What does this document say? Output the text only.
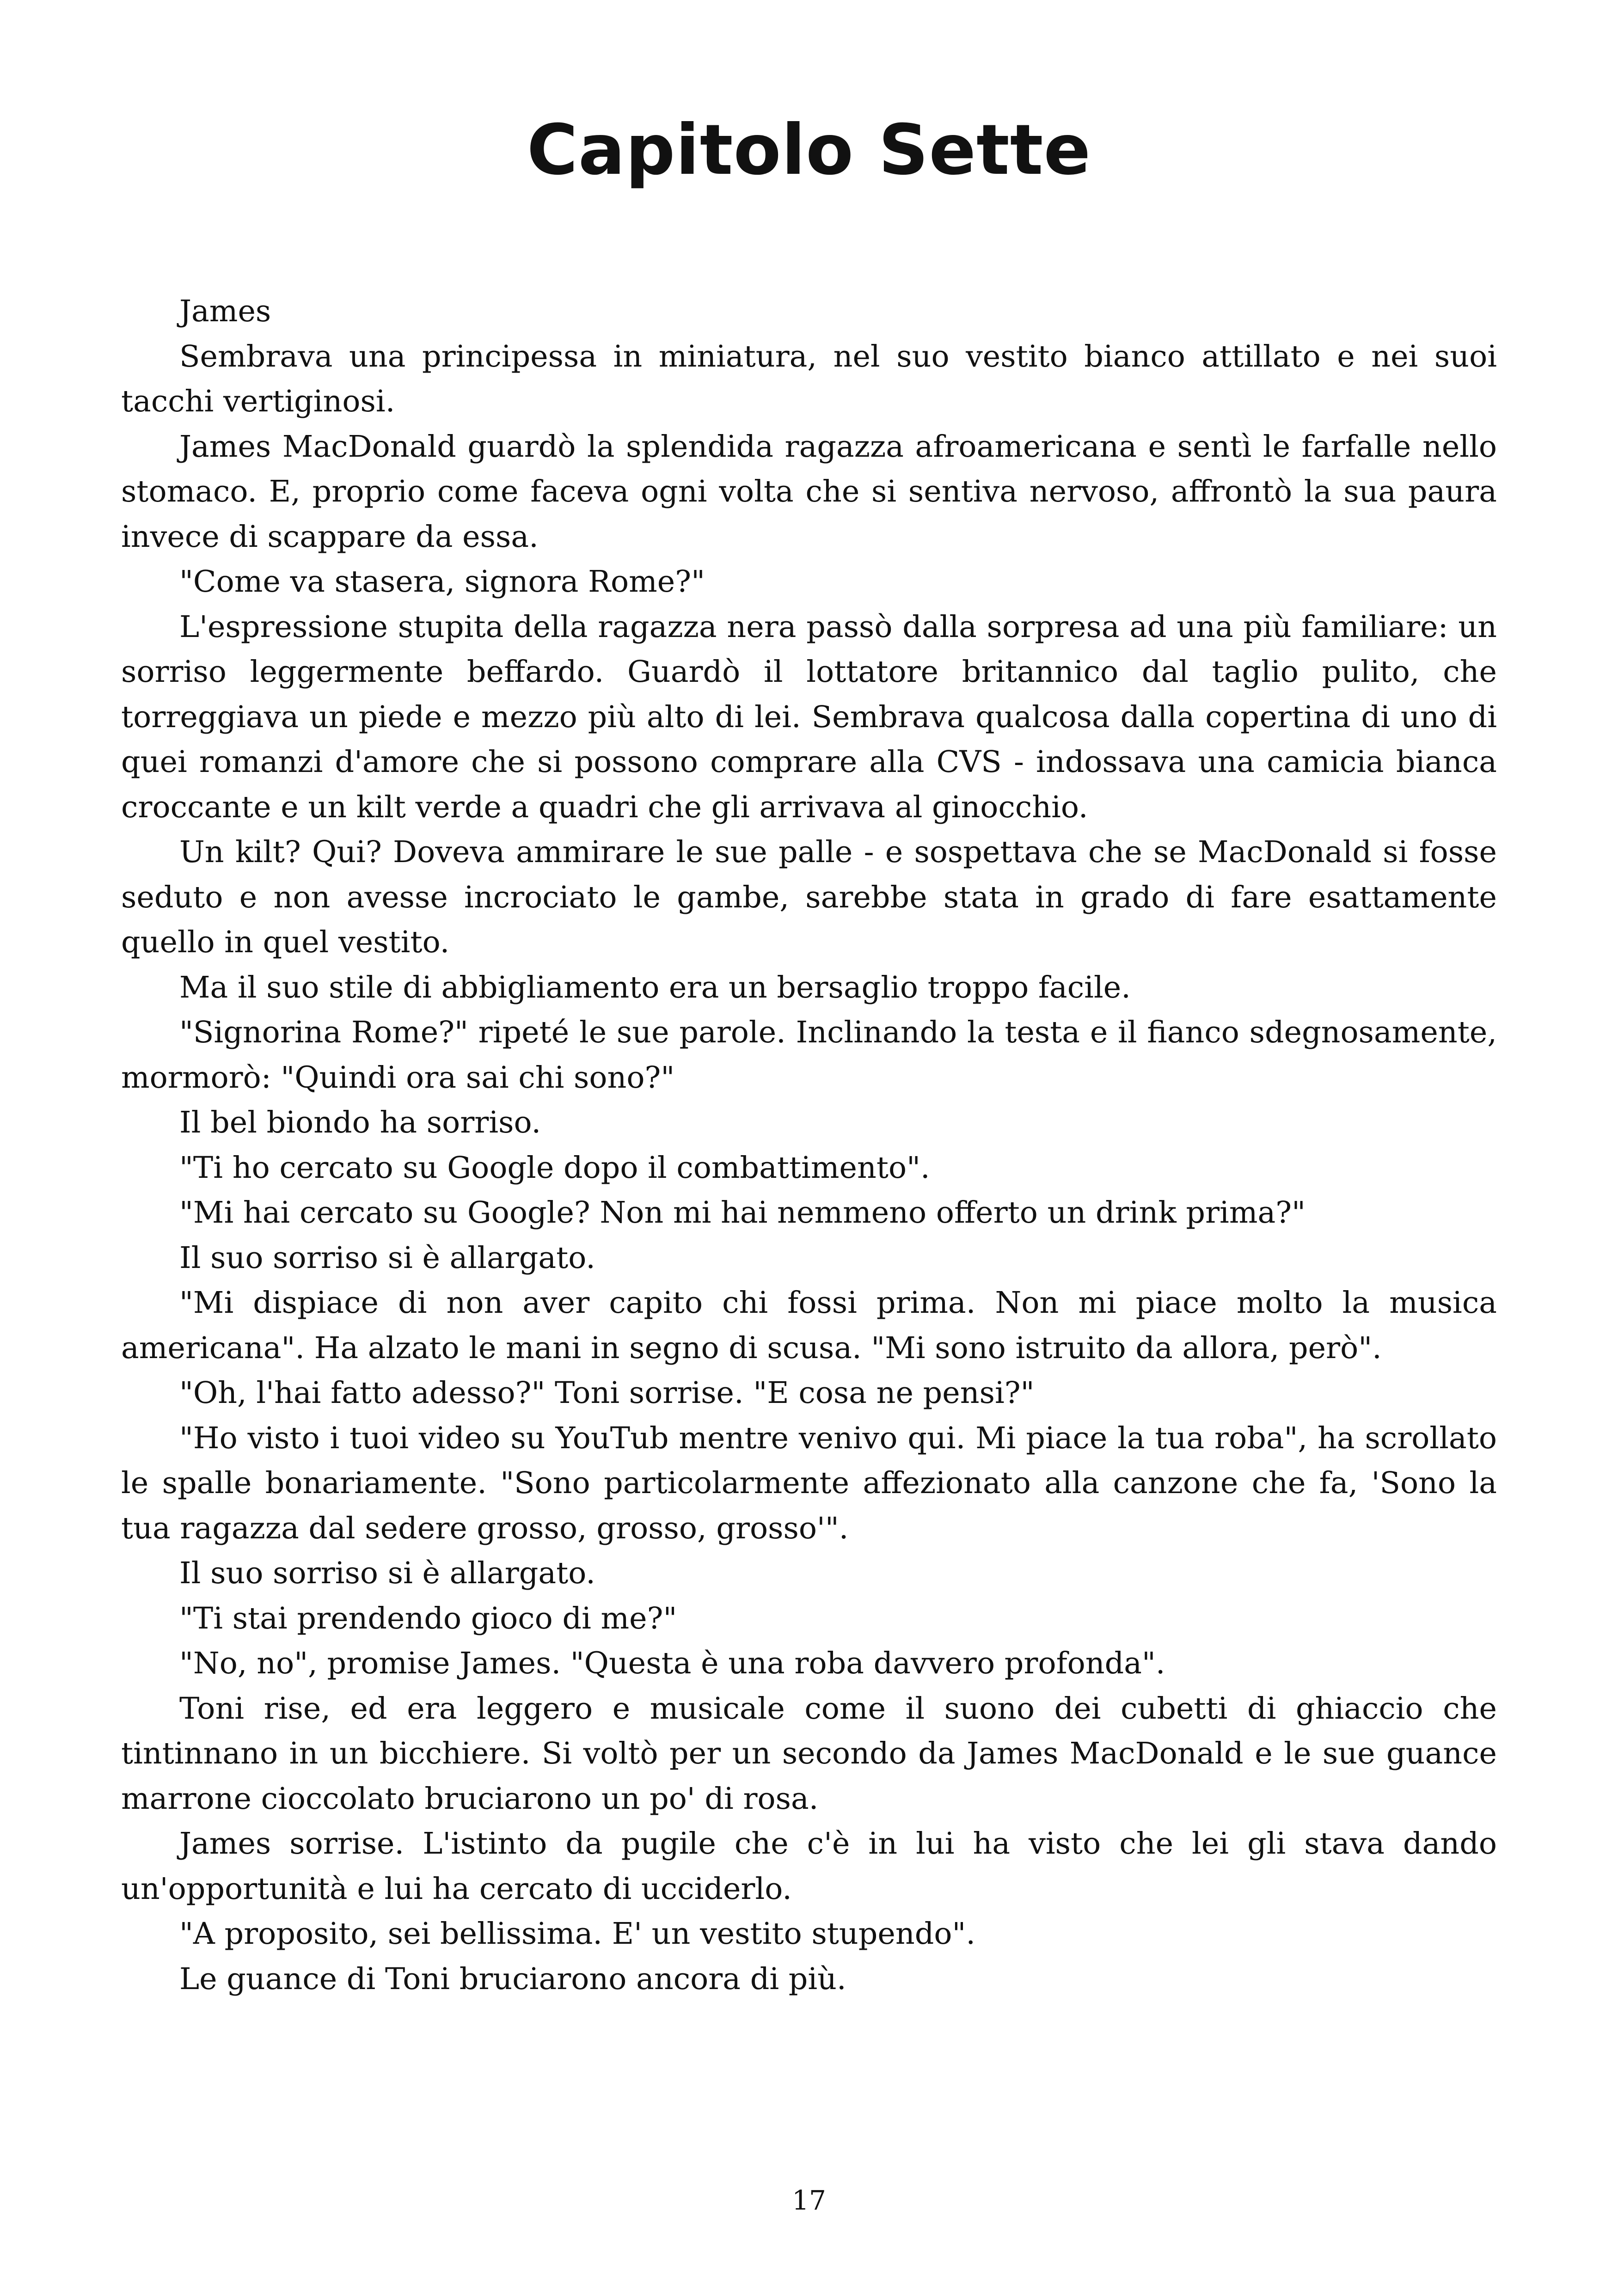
Capitolo Sette

James

Sembrava una principessa in miniatura, nel suo vestito bianco attillato e nei suoi tacchi vertiginosi.

James MacDonald guardò la splendida ragazza afroamericana e sentì le farfalle nello stomaco. E, proprio come faceva ogni volta che si sentiva nervoso, affrontò la sua paura invece di scappare da essa.

"Come va stasera, signora Rome?"

L'espressione stupita della ragazza nera passò dalla sorpresa ad una più familiare: un sorriso leggermente beffardo. Guardò il lottatore britannico dal taglio pulito, che torreggiava un piede e mezzo più alto di lei. Sembrava qualcosa dalla copertina di uno di quei romanzi d'amore che si possono comprare alla CVS - indossava una camicia bianca croccante e un kilt verde a quadri che gli arrivava al ginocchio.

Un kilt? Qui? Doveva ammirare le sue palle - e sospettava che se MacDonald si fosse seduto e non avesse incrociato le gambe, sarebbe stata in grado di fare esattamente quello in quel vestito.

Ma il suo stile di abbigliamento era un bersaglio troppo facile.

"Signorina Rome?" ripeté le sue parole. Inclinando la testa e il fianco sdegnosamente, mormorò: "Quindi ora sai chi sono?"

Il bel biondo ha sorriso.

"Ti ho cercato su Google dopo il combattimento".

"Mi hai cercato su Google? Non mi hai nemmeno offerto un drink prima?"

Il suo sorriso si è allargato.

"Mi dispiace di non aver capito chi fossi prima. Non mi piace molto la musica americana". Ha alzato le mani in segno di scusa. "Mi sono istruito da allora, però".

"Oh, l'hai fatto adesso?" Toni sorrise. "E cosa ne pensi?"

"Ho visto i tuoi video su YouTub mentre venivo qui. Mi piace la tua roba", ha scrollato le spalle bonariamente. "Sono particolarmente affezionato alla canzone che fa, 'Sono la tua ragazza dal sedere grosso, grosso, grosso'".

Il suo sorriso si è allargato.

"Ti stai prendendo gioco di me?"

"No, no", promise James. "Questa è una roba davvero profonda".

Toni rise, ed era leggero e musicale come il suono dei cubetti di ghiaccio che tintinnano in un bicchiere. Si voltò per un secondo da James MacDonald e le sue guance marrone cioccolato bruciarono un po' di rosa.

James sorrise. L'istinto da pugile che c'è in lui ha visto che lei gli stava dando un'opportunità e lui ha cercato di ucciderlo.

"A proposito, sei bellissima. E' un vestito stupendo".

Le guance di Toni bruciarono ancora di più.

17
